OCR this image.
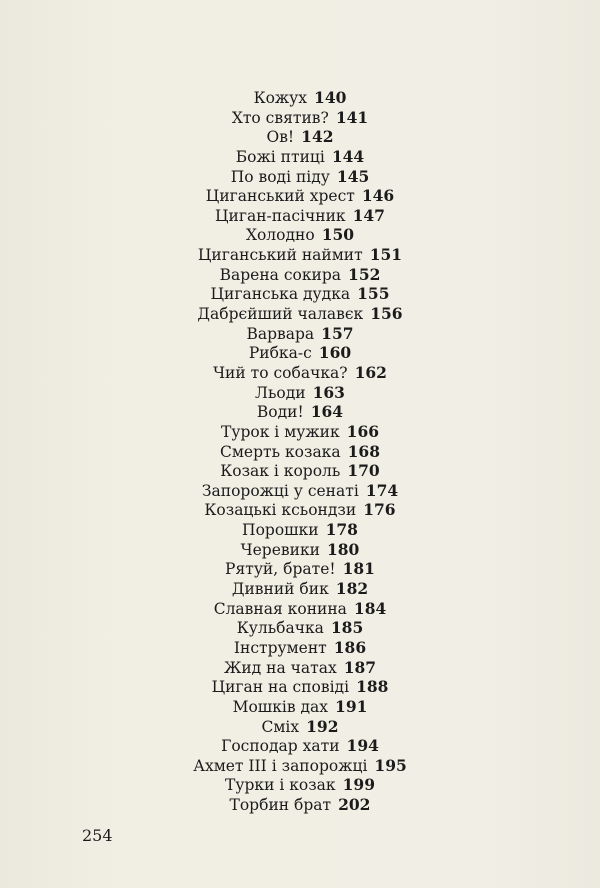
Кожух 140
Хто святив? 141
Ов! 142
Божі птиці 144
По воді піду 145
Циганський хрест 146
Циган-пасічник 147
Холодно 150
Циганський наймит 151
Варена сокира 152
Циганська дудка 155
Дабрєйший чалавєк 156
Варвара 157
Рибка-с 160
Чий то собачка? 162
Льоди 163
Води! 164
Турок і мужик 166
Смерть козака 168
Козак і король 170
Запорожці у сенаті 174
Козацькі ксьондзи 176
Порошки 178
Черевики 180
Рятуй, брате! 181
Дивний бик 182
Славная конина 184
Кульбачка 185
Інструмент 186
Жид на чатах 187
Циган на сповіді 188
Мошків дах 191
Сміх 192
Господар хати 194
Ахмет ІІІ і запорожці 195
Турки і козак 199
Торбин брат 202
254
